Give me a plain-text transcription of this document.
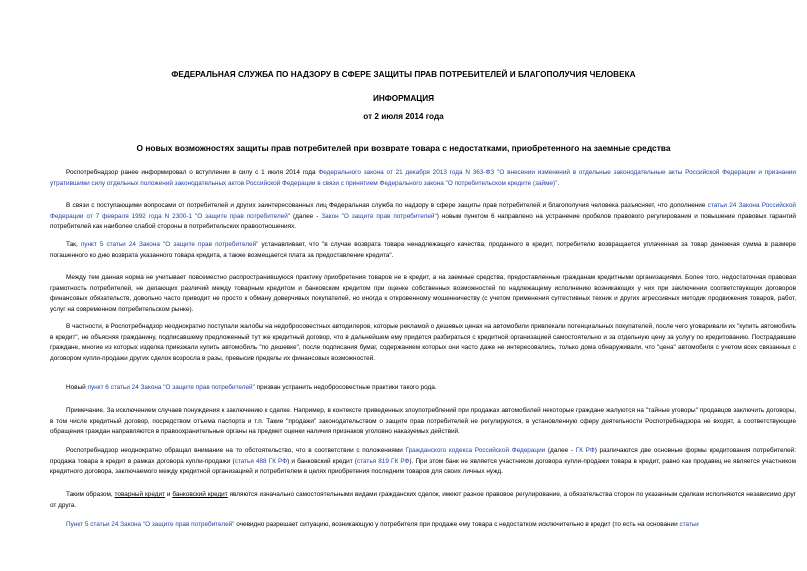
ФЕДЕРАЛЬНАЯ СЛУЖБА ПО НАДЗОРУ В СФЕРЕ ЗАЩИТЫ ПРАВ ПОТРЕБИТЕЛЕЙ И БЛАГОПОЛУЧИЯ ЧЕЛОВЕКА
ИНФОРМАЦИЯ
от 2 июля 2014 года
О новых возможностях защиты прав потребителей при возврате товара с недостатками, приобретенного на заемные средства

Роспотребнадзор ранее информировал о вступлении в силу с 1 июля 2014 года Федерального закона от 21 декабря 2013 года N 363-ФЗ "О внесении изменений в отдельные законодательные акты Российской Федерации и признании утратившими силу отдельных положений законодательных актов Российской Федерации в связи с принятием Федерального закона "О потребительском кредите (займе)".

В связи с поступающими вопросами от потребителей и других заинтересованных лиц Федеральная служба по надзору в сфере защиты прав потребителей и благополучия человека разъясняет, что дополнение статьи 24 Закона Российской Федерации от 7 февраля 1992 года N 2300-1 "О защите прав потребителей" (далее - Закон "О защите прав потребителей") новым пунктом 6 направлено на устранение пробелов правового регулирования и повышение правовых гарантий потребителей как наиболее слабой стороны в потребительских правоотношениях.

Так, пункт 5 статьи 24 Закона "О защите прав потребителей" устанавливает, что "в случае возврата товара ненадлежащего качества, проданного в кредит, потребителю возвращается уплаченная за товар денежная сумма в размере погашенного ко дню возврата указанного товара кредита, а также возмещается плата за предоставление кредита".

Между тем данная норма не учитывает повсеместно распространившуюся практику приобретения товаров не в кредит, а на заемные средства, предоставленные гражданам кредитными организациями. Более того, недостаточная правовая грамотность потребителей, не делающих различий между товарным кредитом и банковским кредитом при оценке собственных возможностей по надлежащему исполнению возникающих у них при заключении соответствующих договоров финансовых обязательств, довольно часто приводит не просто к обману доверчивых покупателей, но иногда к откровенному мошенничеству (с учетом применения суггестивных техник и других агрессивных методик продвижения товаров, работ, услуг на современном потребительском рынке).

В частности, в Роспотребнадзор неоднократно поступали жалобы на недобросовестных автодилеров, которые рекламой о дешевых ценах на автомобили привлекали потенциальных покупателей, после чего уговаривали их "купить автомобиль в кредит", не объясняя гражданину, подписавшему предложенный тут же кредитный договор, что в дальнейшем ему придется разбираться с кредитной организацией самостоятельно и за отдельную цену за услугу по кредитованию. Пострадавшие граждане, многие из которых изделка приезжали купить автомобиль "по дешевке", после подписания бумаг, содержанием которых они часто даже не интересовались, только дома обнаруживали, что "цена" автомобиля с учетом всех связанных с договором купли-продажи других сделок возросла в разы, превысив пределы их финансовых возможностей.

Новый пункт 6 статьи 24 Закона "О защите прав потребителей" призван устранить недобросовестные практики такого рода.

Примечание. За исключением случаев понуждения к заключению к сделке. Например, в контексте приведенных злоупотреблений при продажах автомобилей некоторые граждане жалуются на "тайные уговоры" продавцов заключить договоры, в том числе кредитный договор, посредством отъема паспорта и т.п. Такие "продажи" законодательством о защите прав потребителей не регулируются, в установленную сферу деятельности Роспотребнадзора не входят, а соответствующие обращения граждан направляются в правоохранительные органы на предмет оценки наличия признаков уголовно наказуемых действий.

Роспотребнадзор неоднократно обращал внимание на то обстоятельство, что в соответствии с положениями Гражданского кодекса Российской Федерации (далее - ГК РФ) различаются две основные формы кредитования потребителей: продажа товара в кредит в рамках договора купли-продажи (статья 488 ГК РФ) и банковский кредит (статья 819 ГК РФ). При этом банк не является участником договора купли-продажи товара в кредит, равно как продавец не является участником кредитного договора, заключаемого между кредитной организацией и потребителем в целях приобретения последним товаров для своих личных нужд.

Таким образом, товарный кредит и банковский кредит являются изначально самостоятельными видами гражданских сделок, имеют разное правовое регулирование, а обязательства сторон по указанным сделкам исполняются независимо друг от друга.

Пункт 5 статьи 24 Закона "О защите прав потребителей" очевидно разрешает ситуацию, возникающую у потребителя при продаже ему товара с недостатком исключительно в кредит (то есть на основании статьи
